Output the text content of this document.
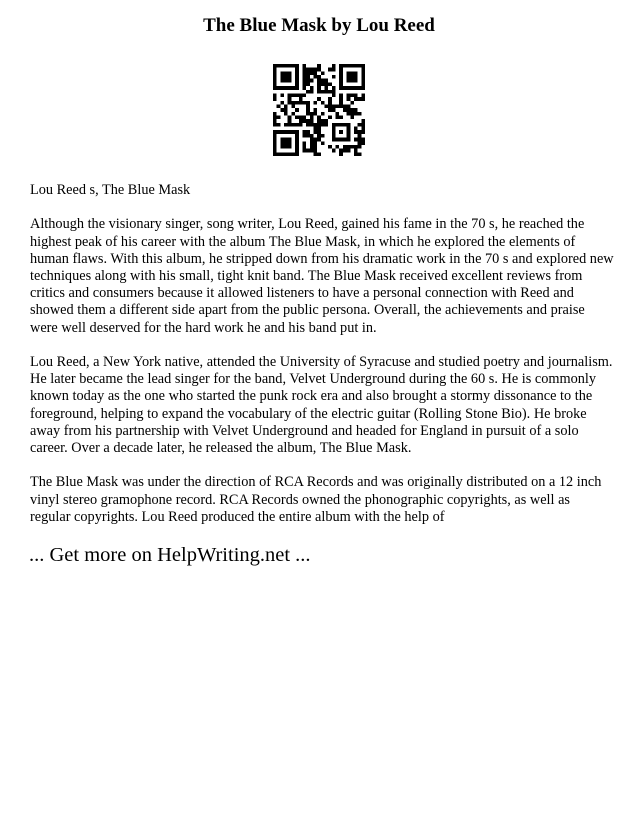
The Blue Mask by Lou Reed

Lou Reed s, The Blue Mask

Although the visionary singer, song writer, Lou Reed, gained his fame in the 70 s, he reached the highest peak of his career with the album The Blue Mask, in which he explored the elements of human flaws. With this album, he stripped down from his dramatic work in the 70 s and explored new techniques along with his small, tight knit band. The Blue Mask received excellent reviews from critics and consumers because it allowed listeners to have a personal connection with Reed and showed them a different side apart from the public persona. Overall, the achievements and praise were well deserved for the hard work he and his band put in.

Lou Reed, a New York native, attended the University of Syracuse and studied poetry and journalism. He later became the lead singer for the band, Velvet Underground during the 60 s. He is commonly known today as the one who started the punk rock era and also brought a stormy dissonance to the foreground, helping to expand the vocabulary of the electric guitar (Rolling Stone Bio). He broke away from his partnership with Velvet Underground and headed for England in pursuit of a solo career. Over a decade later, he released the album, The Blue Mask.

The Blue Mask was under the direction of RCA Records and was originally distributed on a 12 inch vinyl stereo gramophone record. RCA Records owned the phonographic copyrights, as well as regular copyrights. Lou Reed produced the entire album with the help of

... Get more on HelpWriting.net ...
